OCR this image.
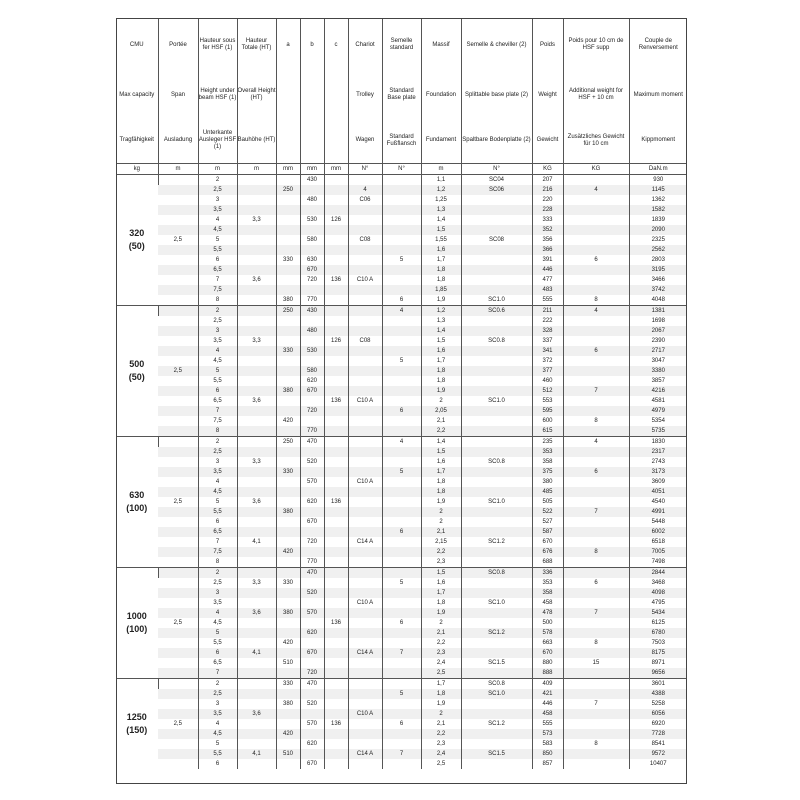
CMU	Portée	Hauteur sous fer HSF (1)	Hauteur Totale (HT)	a	b	c	Chariot	Semelle standard	Massif	Semelle & cheviller (2)	Poids	Poids pour 10 cm de HSF supp	Couple de Renversement
Max capacity	Span	Height under beam HSF (1)	Overall Height (HT)				Trolley	Standard Base plate	Foundation	Splittable base plate (2)	Weight	Additional weight for HSF + 10 cm	Maximum moment
Tragfähigkeit	Ausladung	Unterkante Ausleger HSF (1)	Bauhöhe (HT)				Wagen	Standard Fußflansch	Fundament	Spaltbare Bodenplatte (2)	Gewicht	Zusätzliches Gewicht für 10 cm	Kippmoment
kg	m	m	m	mm	mm	mm	N°	N°	m	N°	KG	KG	DaN.m
320
(50)		2			430				1,1	SC04	207		930
		2,5		250			4		1,2	SC06	216	4	1145
		3			480		C06		1,25		220		1362
		3,5							1,3		228		1582
		4	3,3		530	126			1,4		333		1839
		4,5							1,5		352		2090
	2,5	5			580		C08		1,55	SC08	356		2325
		5,5							1,6		366		2562
		6		330	630			5	1,7		391	6	2803
		6,5			670				1,8		446		3195
		7	3,6		720	136	C10 A		1,8		477		3466
		7,5							1,85		483		3742
		8		380	770			6	1,9	SC1.0	555	8	4048
500
(50)		2		250	430			4	1,2	SC0.6	211	4	1381
		2,5							1,3		222		1698
		3			480				1,4		328		2067
		3,5	3,3			126	C08		1,5	SC0.8	337		2390
		4		330	530				1,6		341	6	2717
		4,5						5	1,7		372		3047
	2,5	5			580				1,8		377		3380
		5,5			620				1,8		460		3857
		6		380	670				1,9		512	7	4216
		6,5	3,6			136	C10 A		2	SC1.0	553		4581
		7			720			6	2,05		595		4979
		7,5		420					2,1		600	8	5354
		8			770				2,2		615		5735
630
(100)		2		250	470			4	1,4		235	4	1830
		2,5							1,5		353		2317
		3	3,3		520				1,6	SC0.8	358		2743
		3,5		330				5	1,7		375	6	3173
		4			570		C10 A		1,8		380		3609
		4,5							1,8		485		4051
	2,5	5	3,6		620	136			1,9	SC1.0	505		4540
		5,5		380					2		522	7	4991
		6			670				2		527		5448
		6,5						6	2,1		587		6002
		7	4,1		720		C14 A		2,15	SC1.2	670		6518
		7,5		420					2,2		676	8	7005
		8			770				2,3		688		7498
1000
(100)		2			470				1,5	SC0.8	336		2844
		2,5	3,3	330				5	1,6		353	6	3468
		3			520				1,7		358		4098
		3,5					C10 A		1,8	SC1.0	458		4795
		4	3,6	380	570				1,9		478	7	5434
	2,5	4,5				136		6	2		500		6125
		5			620				2,1	SC1.2	578		6780
		5,5		420					2,2		663	8	7503
		6	4,1		670		C14 A	7	2,3		670		8175
		6,5		510					2,4	SC1.5	880	15	8971
		7			720				2,5		888		9656
1250
(150)		2		330	470				1,7	SC0.8	409		3601
		2,5						5	1,8	SC1.0	421		4388
		3		380	520				1,9		446	7	5258
		3,5	3,6				C10 A		2		458		6056
	2,5	4			570	136		6	2,1	SC1.2	555		6920
		4,5		420					2,2		573		7728
		5			620				2,3		583	8	8541
		5,5	4,1	510			C14 A	7	2,4	SC1.5	850		9572
		6			670				2,5		857		10407
